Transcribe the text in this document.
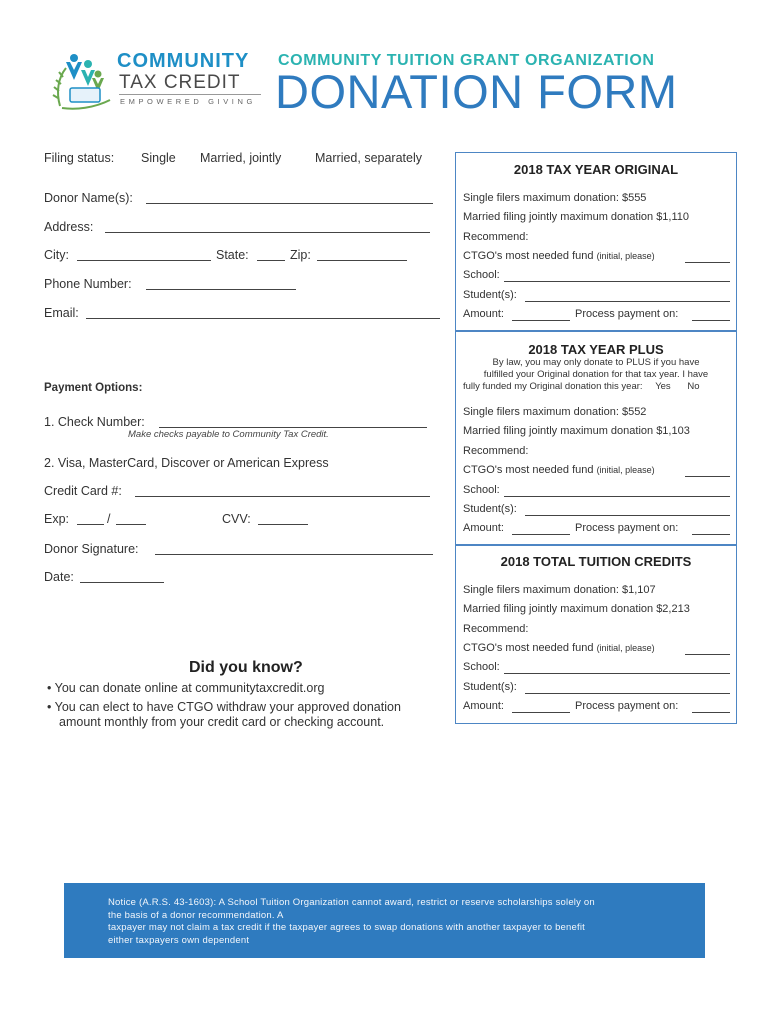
COMMUNITY
TAX CREDIT
EMPOWERED GIVING
COMMUNITY TUITION GRANT ORGANIZATION
DONATION FORM
Filing status: Single Married, jointly	Married, separately
Donor Name(s):
Address:
City:	State:	Zip:
Phone Number:
Email:
Payment Options:
1. Check Number:
Make checks payable to Community Tax Credit.
2. Visa, MasterCard, Discover or American Express
Credit Card #:
Exp:	/	CVV:
Donor Signature:
Date:
Did you know?
• You can donate online at communitytaxcredit.org
• You can elect to have CTGO withdraw your approved donation
amount monthly from your credit card or checking account.
2018 TAX YEAR ORIGINAL
Single filers maximum donation: $555
Married filing jointly maximum donation $1,110
Recommend:
CTGO's most needed fund (initial, please)
School:
Student(s):
Amount:	Process payment on:
2018 TAX YEAR PLUS
By law, you may only donate to PLUS if you have
fulfilled your Original donation for that tax year. I have
fully funded my Original donation this year: Yes No
Single filers maximum donation: $552
Married filing jointly maximum donation $1,103
Recommend:
CTGO's most needed fund (initial, please)
School:
Student(s):
Amount:	Process payment on:
2018 TOTAL TUITION CREDITS
Single filers maximum donation: $1,107
Married filing jointly maximum donation $2,213
Recommend:
CTGO's most needed fund (initial, please)
School:
Student(s):
Amount:	Process payment on:
Notice (A.R.S. 43-1603): A School Tuition Organization cannot award, restrict or reserve scholarships solely on
the basis of a donor recommendation. A
taxpayer may not claim a tax credit if the taxpayer agrees to swap donations with another taxpayer to benefit
either taxpayers own dependent
